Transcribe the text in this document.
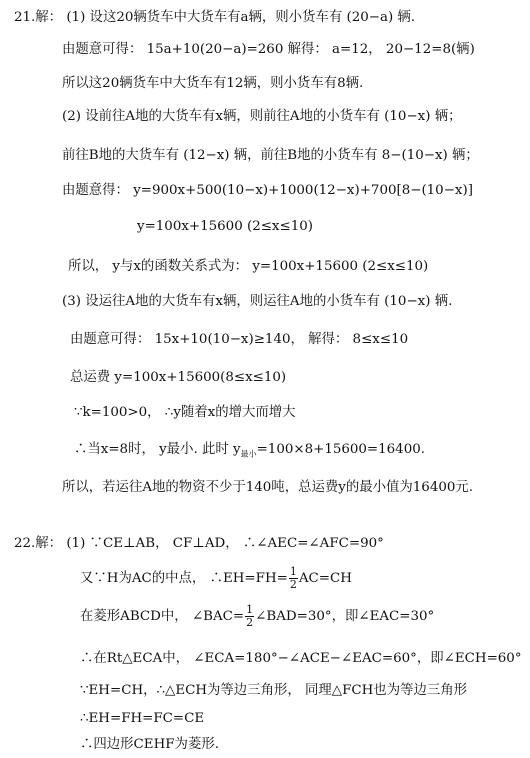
21.解： (1) 设这20辆货车中大货车有a辆，则小货车有 (20−a) 辆.
由题意可得： 15a+10(20−a)=260 解得： a=12， 20−12=8(辆)
所以这20辆货车中大货车有12辆，则小货车有8辆.
(2) 设前往A地的大货车有x辆，则前往A地的小货车有 (10−x) 辆；
前往B地的大货车有 (12−x) 辆，前往B地的小货车有 8−(10−x) 辆；
由题意得： y=900x+500(10−x)+1000(12−x)+700[8−(10−x)]
y=100x+15600 (2≤x≤10)
所以， y与x的函数关系式为： y=100x+15600 (2≤x≤10)
(3) 设运往A地的大货车有x辆，则运往A地的小货车有 (10−x) 辆.
由题意可得： 15x+10(10−x)≥140， 解得： 8≤x≤10
总运费 y=100x+15600(8≤x≤10)
∵k=100>0， ∴y随着x的增大而增大
∴当x=8时， y最小. 此时 $y_{最小}=100\times 8+15600=16400$.
所以，若运往A地的物资不少于140吨，总运费y的最小值为16400元.
22.解： (1) ∵CE⊥AB， CF⊥AD， ∴∠AEC=∠AFC=90°
又∵H为AC的中点， ∴EH=FH= $\frac{1}{2} AC=CH$
在菱形ABCD中， ∠BAC= $\frac{1}{2}$ ∠BAD=30°，即∠EAC=30°
∴在Rt△ECA中， ∠ECA=180°−∠ACE−∠EAC=60°，即∠ECH=60°
∵EH=CH，∴△ECH为等边三角形， 同理△FCH也为等边三角形
∴EH=FH=FC=CE
∴四边形CEHF为菱形.
